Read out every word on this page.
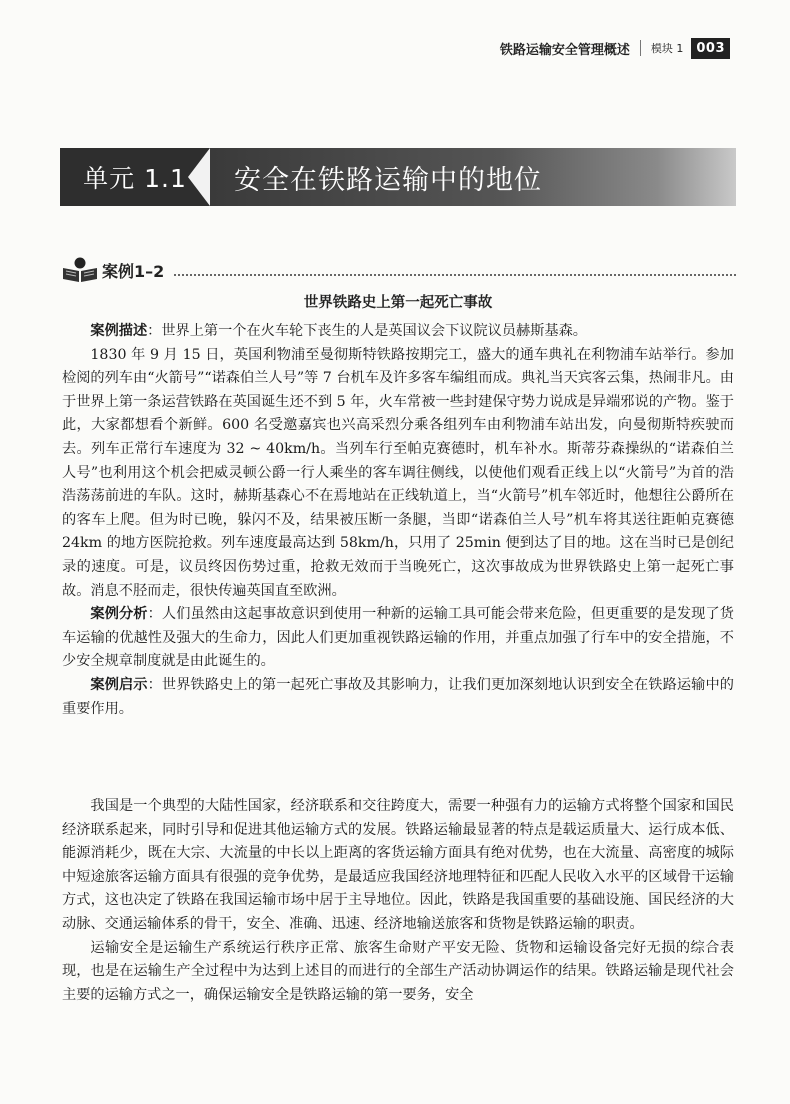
铁路运输安全管理概述 模块 1	003
单元 1.1	安全在铁路运输中的地位
案例1–2
世界铁路史上第一起死亡事故

案例描述：世界上第一个在火车轮下丧生的人是英国议会下议院议员赫斯基森。

1830 年 9 月 15 日，英国利物浦至曼彻斯特铁路按期完工，盛大的通车典礼在利物浦车站举行。参加检阅的列车由“火箭号”“诺森伯兰人号”等 7 台机车及许多客车编组而成。典礼当天宾客云集，热闹非凡。由于世界上第一条运营铁路在英国诞生还不到 5 年，火车常被一些封建保守势力说成是异端邪说的产物。鉴于此，大家都想看个新鲜。600 名受邀嘉宾也兴高采烈分乘各组列车由利物浦车站出发，向曼彻斯特疾驶而去。列车正常行车速度为 32 ~ 40km/h。当列车行至帕克赛德时，机车补水。斯蒂芬森操纵的“诺森伯兰人号”也利用这个机会把威灵顿公爵一行人乘坐的客车调往侧线，以使他们观看正线上以“火箭号”为首的浩浩荡荡前进的车队。这时，赫斯基森心不在焉地站在正线轨道上，当“火箭号”机车邻近时，他想往公爵所在的客车上爬。但为时已晚，躲闪不及，结果被压断一条腿，当即“诺森伯兰人号”机车将其送往距帕克赛德 24km 的地方医院抢救。列车速度最高达到 58km/h，只用了 25min 便到达了目的地。这在当时已是创纪录的速度。可是，议员终因伤势过重，抢救无效而于当晚死亡，这次事故成为世界铁路史上第一起死亡事故。消息不胫而走，很快传遍英国直至欧洲。

案例分析：人们虽然由这起事故意识到使用一种新的运输工具可能会带来危险，但更重要的是发现了货车运输的优越性及强大的生命力，因此人们更加重视铁路运输的作用，并重点加强了行车中的安全措施，不少安全规章制度就是由此诞生的。

案例启示：世界铁路史上的第一起死亡事故及其影响力，让我们更加深刻地认识到安全在铁路运输中的重要作用。

我国是一个典型的大陆性国家，经济联系和交往跨度大，需要一种强有力的运输方式将整个国家和国民经济联系起来，同时引导和促进其他运输方式的发展。铁路运输最显著的特点是载运质量大、运行成本低、能源消耗少，既在大宗、大流量的中长以上距离的客货运输方面具有绝对优势，也在大流量、高密度的城际中短途旅客运输方面具有很强的竞争优势，是最适应我国经济地理特征和匹配人民收入水平的区域骨干运输方式，这也决定了铁路在我国运输市场中居于主导地位。因此，铁路是我国重要的基础设施、国民经济的大动脉、交通运输体系的骨干，安全、准确、迅速、经济地输送旅客和货物是铁路运输的职责。

运输安全是运输生产系统运行秩序正常、旅客生命财产平安无险、货物和运输设备完好无损的综合表现，也是在运输生产全过程中为达到上述目的而进行的全部生产活动协调运作的结果。铁路运输是现代社会主要的运输方式之一，确保运输安全是铁路运输的第一要务，安全
